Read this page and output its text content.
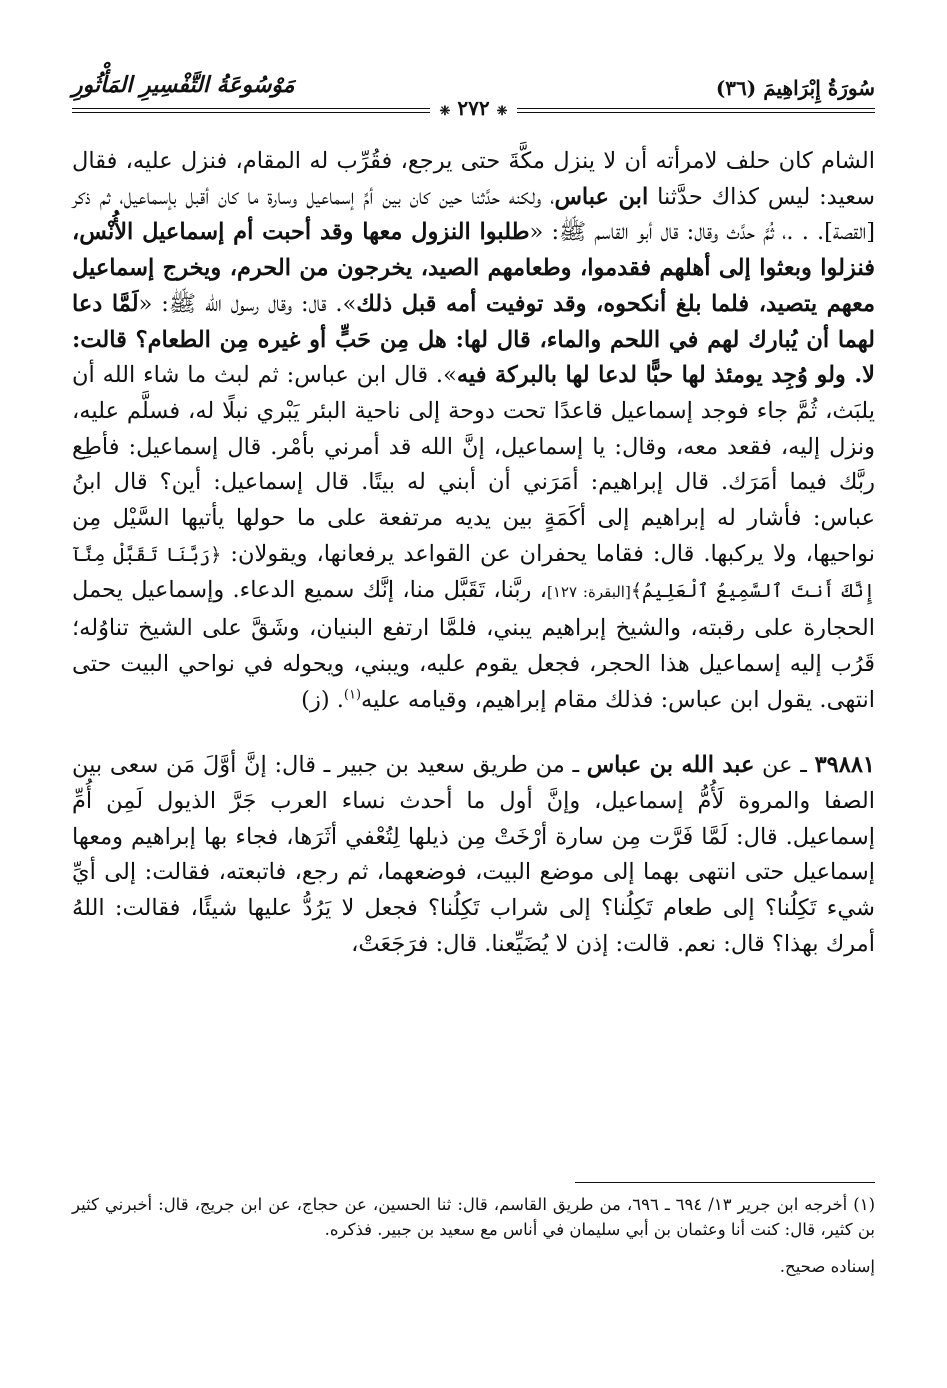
سُورَةُ إِبْرَاهِيمَ (٣٦)
مَوْسُوعَةُ التَّفْسِيرِ المَأْثُورِ
❈ ٢٧٢ ❈

الشام كان حلف لامرأته أن لا ينزل مكَّةَ حتى يرجع، فقُرِّب له المقام، فنزل عليه، فقال سعيد: ليس كذاك حدَّثنا ابن عباس، ولكنه حدَّثنا حين كان بين أمِّ إسماعيل وسارة ما كان أقبل بإسماعيل، ثم ذكر [القصة]. . .، ثُمَّ حدَّث وقال: قال أبو القاسم ﷺ: «طلبوا النزول معها وقد أحبت أم إسماعيل الأُنْس، فنزلوا وبعثوا إلى أهلهم فقدموا، وطعامهم الصيد، يخرجون من الحرم، ويخرج إسماعيل معهم يتصيد، فلما بلغ أنكحوه، وقد توفيت أمه قبل ذلك». قال: وقال رسول الله ﷺ: «لَمَّا دعا لهما أن يُبارك لهم في اللحم والماء، قال لها: هل مِن حَبٍّ أو غيره مِن الطعام؟ قالت: لا. ولو وُجِد يومئذ لها حبًّا لدعا لها بالبركة فيه». قال ابن عباس: ثم لبث ما شاء الله أن يلبَث، ثُمَّ جاء فوجد إسماعيل قاعدًا تحت دوحة إلى ناحية البئر يَبْري نبلًا له، فسلَّم عليه، ونزل إليه، فقعد معه، وقال: يا إسماعيل، إنَّ الله قد أمرني بأمْر. قال إسماعيل: فأطِع ربَّك فيما أمَرَك. قال إبراهيم: أمَرَني أن أبني له بيتًا. قال إسماعيل: أين؟ قال ابنُ عباس: فأشار له إبراهيم إلى أكَمَةٍ بين يديه مرتفعة على ما حولها يأتيها السَّيْل مِن نواحيها، ولا يركبها. قال: فقاما يحفران عن القواعد يرفعانها، ويقولان: ﴿رَبَّنَا تَقَبَّلْ مِنَّآ إِنَّكَ أَنتَ ٱلسَّمِيعُ ٱلْعَلِيمُ﴾[البقرة: ١٢٧]، ربَّنا، تَقَبَّل منا، إنَّك سميع الدعاء. وإسماعيل يحمل الحجارة على رقبته، والشيخ إبراهيم يبني، فلمَّا ارتفع البنيان، وشَقَّ على الشيخ تناوُله؛ قَرُب إليه إسماعيل هذا الحجر، فجعل يقوم عليه، ويبني، ويحوله في نواحي البيت حتى انتهى. يقول ابن عباس: فذلك مقام إبراهيم، وقيامه عليه$^{(١)}$. (ز)

٣٩٨٨١ ـ عن عبد الله بن عباس ـ من طريق سعيد بن جبير ـ قال: إنَّ أوَّلَ مَن سعى بين الصفا والمروة لَأُمُّ إسماعيل، وإنَّ أول ما أحدث نساء العرب جَرَّ الذيول لَمِن أُمِّ إسماعيل. قال: لَمَّا فَرَّت مِن سارة أرْخَتْ مِن ذيلها لِتُعْفي أثَرَها، فجاء بها إبراهيم ومعها إسماعيل حتى انتهى بهما إلى موضع البيت، فوضعهما، ثم رجع، فاتبعته، فقالت: إلى أيِّ شيء تَكِلُنا؟ إلى طعام تَكِلُنا؟ إلى شراب تَكِلُنا؟ فجعل لا يَرُدُّ عليها شيئًا، فقالت: اللهُ أمرك بهذا؟ قال: نعم. قالت: إذن لا يُضَيِّعنا. قال: فرَجَعَتْ،

(١) أخرجه ابن جرير ١٣/ ٦٩٤ ـ ٦٩٦، من طريق القاسم، قال: ثنا الحسين، عن حجاج، عن ابن جريج، قال: أخبرني كثير بن كثير، قال: كنت أنا وعثمان بن أبي سليمان في أناس مع سعيد بن جبير. فذكره.

إسناده صحيح.
